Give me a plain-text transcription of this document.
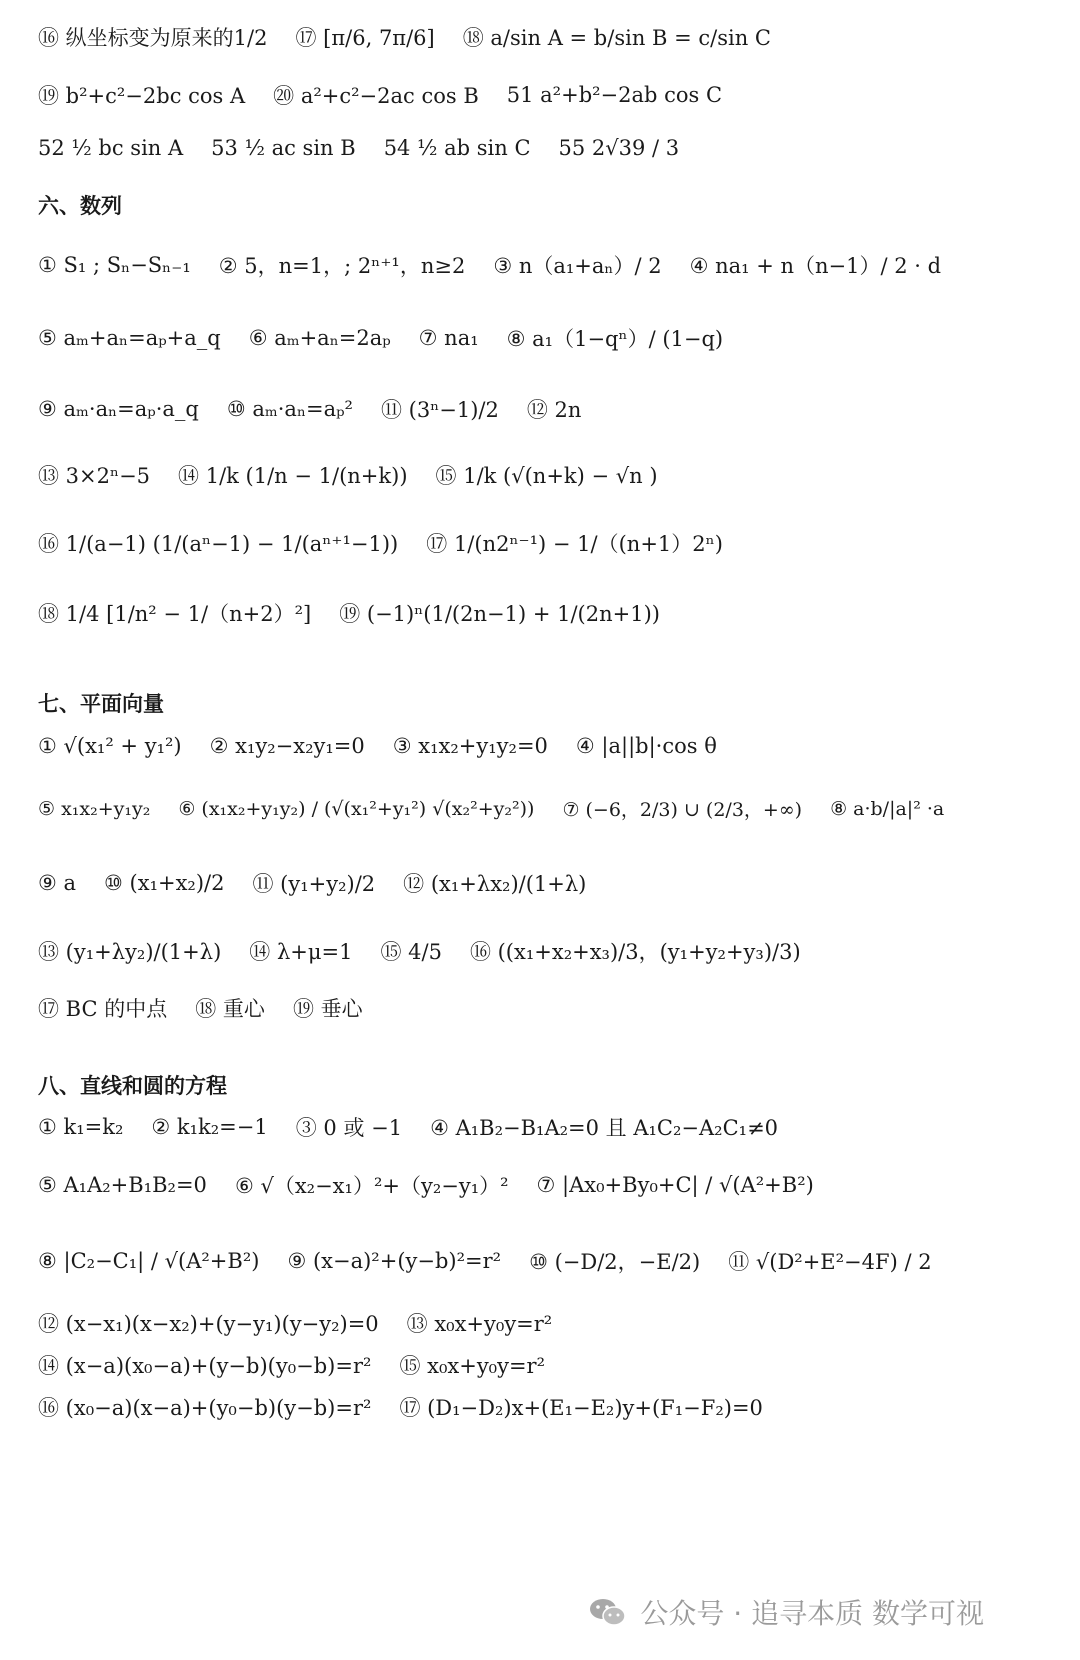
⑯ 纵坐标变为原来的1/2 ⑰ [π/6, 7π/6] ⑱ a/sin A = b/sin B = c/sin C
⑲ b²+c²−2bc cos A ⑳ a²+c²−2ac cos B 51 a²+b²−2ab cos C
52 ½ bc sin A 53 ½ ac sin B 54 ½ ab sin C 55 2√39 / 3
六、数列
① S₁ ; Sₙ−Sₙ₋₁ ② 5，n=1，; 2ⁿ⁺¹，n≥2 ③ n（a₁+aₙ）/ 2 ④ na₁ + n（n−1）/ 2 · d
⑤ aₘ+aₙ=aₚ+a_q ⑥ aₘ+aₙ=2aₚ ⑦ na₁ ⑧ a₁（1−qⁿ）/ (1−q)
⑨ aₘ·aₙ=aₚ·a_q ⑩ aₘ·aₙ=aₚ² ⑪ (3ⁿ−1)/2 ⑫ 2n
⑬ 3×2ⁿ−5 ⑭ 1/k (1/n − 1/(n+k)) ⑮ 1/k (√(n+k) − √n )
⑯ 1/(a−1) (1/(aⁿ−1) − 1/(aⁿ⁺¹−1)) ⑰ 1/(n2ⁿ⁻¹) − 1/（(n+1）2ⁿ)
⑱ 1/4 [1/n² − 1/（n+2）²] ⑲ (−1)ⁿ(1/(2n−1) + 1/(2n+1))
七、平面向量
① √(x₁² + y₁²) ② x₁y₂−x₂y₁=0 ③ x₁x₂+y₁y₂=0 ④ |a||b|·cos θ
⑤ x₁x₂+y₁y₂ ⑥ (x₁x₂+y₁y₂) / (√(x₁²+y₁²) √(x₂²+y₂²)) ⑦ (−6，2/3) ∪ (2/3，+∞) ⑧ a·b/|a|² ·a
⑨ a ⑩ (x₁+x₂)/2 ⑪ (y₁+y₂)/2 ⑫ (x₁+λx₂)/(1+λ)
⑬ (y₁+λy₂)/(1+λ) ⑭ λ+μ=1 ⑮ 4/5 ⑯ ((x₁+x₂+x₃)/3，(y₁+y₂+y₃)/3)
⑰ BC 的中点 ⑱ 重心 ⑲ 垂心
八、直线和圆的方程
① k₁=k₂ ② k₁k₂=−1 ③ 0 或 −1 ④ A₁B₂−B₁A₂=0 且 A₁C₂−A₂C₁≠0
⑤ A₁A₂+B₁B₂=0 ⑥ √（x₂−x₁）²+（y₂−y₁）² ⑦ |Ax₀+By₀+C| / √(A²+B²)
⑧ |C₂−C₁| / √(A²+B²) ⑨ (x−a)²+(y−b)²=r² ⑩ (−D/2，−E/2) ⑪ √(D²+E²−4F) / 2
⑫ (x−x₁)(x−x₂)+(y−y₁)(y−y₂)=0 ⑬ x₀x+y₀y=r²
⑭ (x−a)(x₀−a)+(y−b)(y₀−b)=r² ⑮ x₀x+y₀y=r²
⑯ (x₀−a)(x−a)+(y₀−b)(y−b)=r² ⑰ (D₁−D₂)x+(E₁−E₂)y+(F₁−F₂)=0
公众号 · 追寻本质 数学可视
